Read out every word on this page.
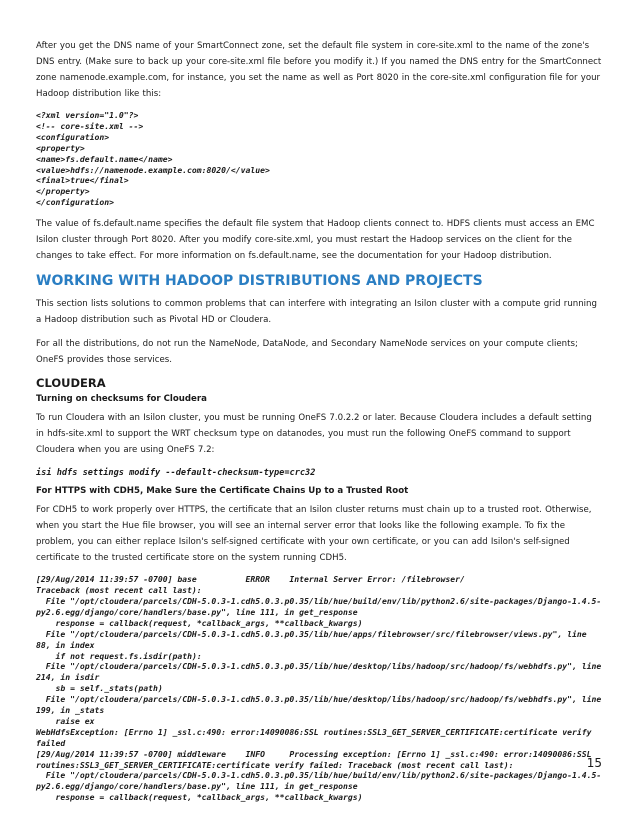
After you get the DNS name of your SmartConnect zone, set the default file system in core-site.xml to the name of the zone's DNS entry. (Make sure to back up your core-site.xml file before you modify it.) If you named the DNS entry for the SmartConnect zone namenode.example.com, for instance, you set the name as well as Port 8020 in the core-site.xml configuration file for your Hadoop distribution like this:

<?xml version="1.0"?>
<!-- core-site.xml -->
<configuration>
<property>
<name>fs.default.name</name>
<value>hdfs://namenode.example.com:8020/</value>
<final>true</final>
</property>
</configuration>

The value of fs.default.name specifies the default file system that Hadoop clients connect to. HDFS clients must access an EMC Isilon cluster through Port 8020. After you modify core-site.xml, you must restart the Hadoop services on the client for the changes to take effect. For more information on fs.default.name, see the documentation for your Hadoop distribution.

WORKING WITH HADOOP DISTRIBUTIONS AND PROJECTS

This section lists solutions to common problems that can interfere with integrating an Isilon cluster with a compute grid running a Hadoop distribution such as Pivotal HD or Cloudera.

For all the distributions, do not run the NameNode, DataNode, and Secondary NameNode services on your compute clients; OneFS provides those services.

CLOUDERA
Turning on checksums for Cloudera

To run Cloudera with an Isilon cluster, you must be running OneFS 7.0.2.2 or later. Because Cloudera includes a default setting in hdfs-site.xml to support the WRT checksum type on datanodes, you must run the following OneFS command to support Cloudera when you are using OneFS 7.2:

isi hdfs settings modify --default-checksum-type=crc32
For HTTPS with CDH5, Make Sure the Certificate Chains Up to a Trusted Root

For CDH5 to work properly over HTTPS, the certificate that an Isilon cluster returns must chain up to a trusted root. Otherwise, when you start the Hue file browser, you will see an internal server error that looks like the following example. To fix the problem, you can either replace Isilon's self-signed certificate with your own certificate, or you can add Isilon's self-signed certificate to the trusted certificate store on the system running CDH5.

[29/Aug/2014 11:39:57 -0700] base          ERROR    Internal Server Error: /filebrowser/
Traceback (most recent call last):
File "/opt/cloudera/parcels/CDH-5.0.3-1.cdh5.0.3.p0.35/lib/hue/build/env/lib/python2.6/site-packages/Django-1.4.5-py2.6.egg/django/core/handlers/base.py", line 111, in get_response
response = callback(request, *callback_args, **callback_kwargs)
File "/opt/cloudera/parcels/CDH-5.0.3-1.cdh5.0.3.p0.35/lib/hue/apps/filebrowser/src/filebrowser/views.py", line 88, in index
if not request.fs.isdir(path):
File "/opt/cloudera/parcels/CDH-5.0.3-1.cdh5.0.3.p0.35/lib/hue/desktop/libs/hadoop/src/hadoop/fs/webhdfs.py", line 214, in isdir
sb = self._stats(path)
File "/opt/cloudera/parcels/CDH-5.0.3-1.cdh5.0.3.p0.35/lib/hue/desktop/libs/hadoop/src/hadoop/fs/webhdfs.py", line 199, in _stats
raise ex
WebHdfsException: [Errno 1] _ssl.c:490: error:14090086:SSL routines:SSL3_GET_SERVER_CERTIFICATE:certificate verify failed
[29/Aug/2014 11:39:57 -0700] middleware    INFO     Processing exception: [Errno 1] _ssl.c:490: error:14090086:SSL routines:SSL3_GET_SERVER_CERTIFICATE:certificate verify failed: Traceback (most recent call last):
File "/opt/cloudera/parcels/CDH-5.0.3-1.cdh5.0.3.p0.35/lib/hue/build/env/lib/python2.6/site-packages/Django-1.4.5-py2.6.egg/django/core/handlers/base.py", line 111, in get_response
response = callback(request, *callback_args, **callback_kwargs)
15
